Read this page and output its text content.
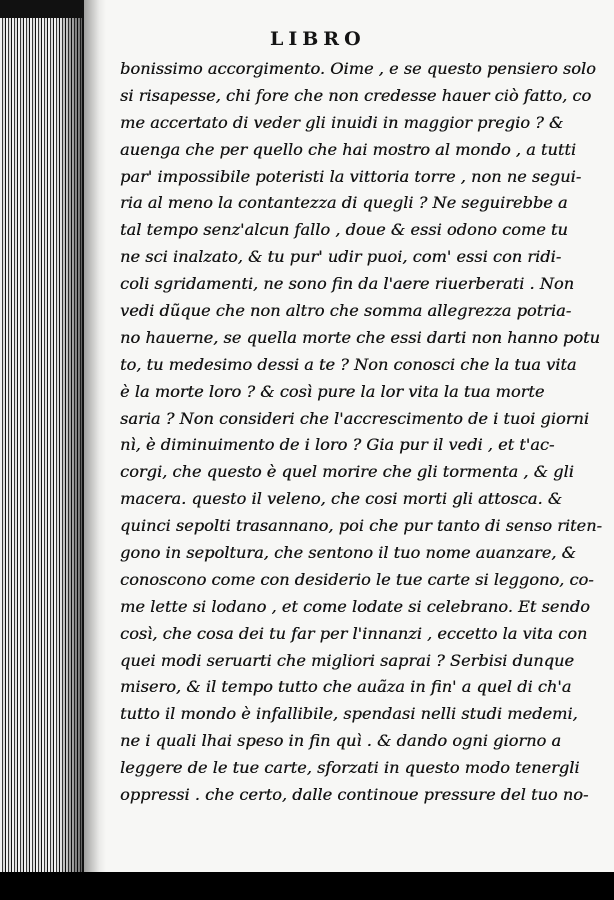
LIBRO
bonissimo accorgimento. Oime , e se questo pensiero solo
si risapesse, chi fore che non credesse hauer ciò fatto, co
me accertato di veder gli inuidi in maggior pregio ? &
auenga che per quello che hai mostro al mondo , a tutti
par' impossibile poteristi la vittoria torre , non ne segui-
ria al meno la contantezza di quegli ? Ne seguirebbe a
tal tempo senz'alcun fallo , doue & essi odono come tu
ne sci inalzato, & tu pur' udir puoi, com' essi con ridi-
coli sgridamenti, ne sono fin da l'aere riuerberati . Non
vedi dũque che non altro che somma allegrezza potria-
no hauerne, se quella morte che essi darti non hanno potu
to, tu medesimo dessi a te ? Non conosci che la tua vita
è la morte loro ? & così pure la lor vita la tua morte
saria ? Non consideri che l'accrescimento de i tuoi giorni
nì, è diminuimento de i loro ? Gia pur il vedi , et t'ac-
corgi, che questo è quel morire che gli tormenta , & gli
macera. questo il veleno, che cosi morti gli attosca. &
quinci sepolti trasannano, poi che pur tanto di senso riten-
gono in sepoltura, che sentono il tuo nome auanzare, &
conoscono come con desiderio le tue carte si leggono, co-
me lette si lodano , et come lodate si celebrano. Et sendo
così, che cosa dei tu far per l'innanzi , eccetto la vita con
quei modi seruarti che migliori saprai ? Serbisi dunque
misero, & il tempo tutto che auãza in fin' a quel di ch'a
tutto il mondo è infallibile, spendasi nelli studi medemi,
ne i quali lhai speso in fin quì . & dando ogni giorno a
leggere de le tue carte, sforzati in questo modo tenergli
oppressi . che certo, dalle continoue pressure del tuo no-
